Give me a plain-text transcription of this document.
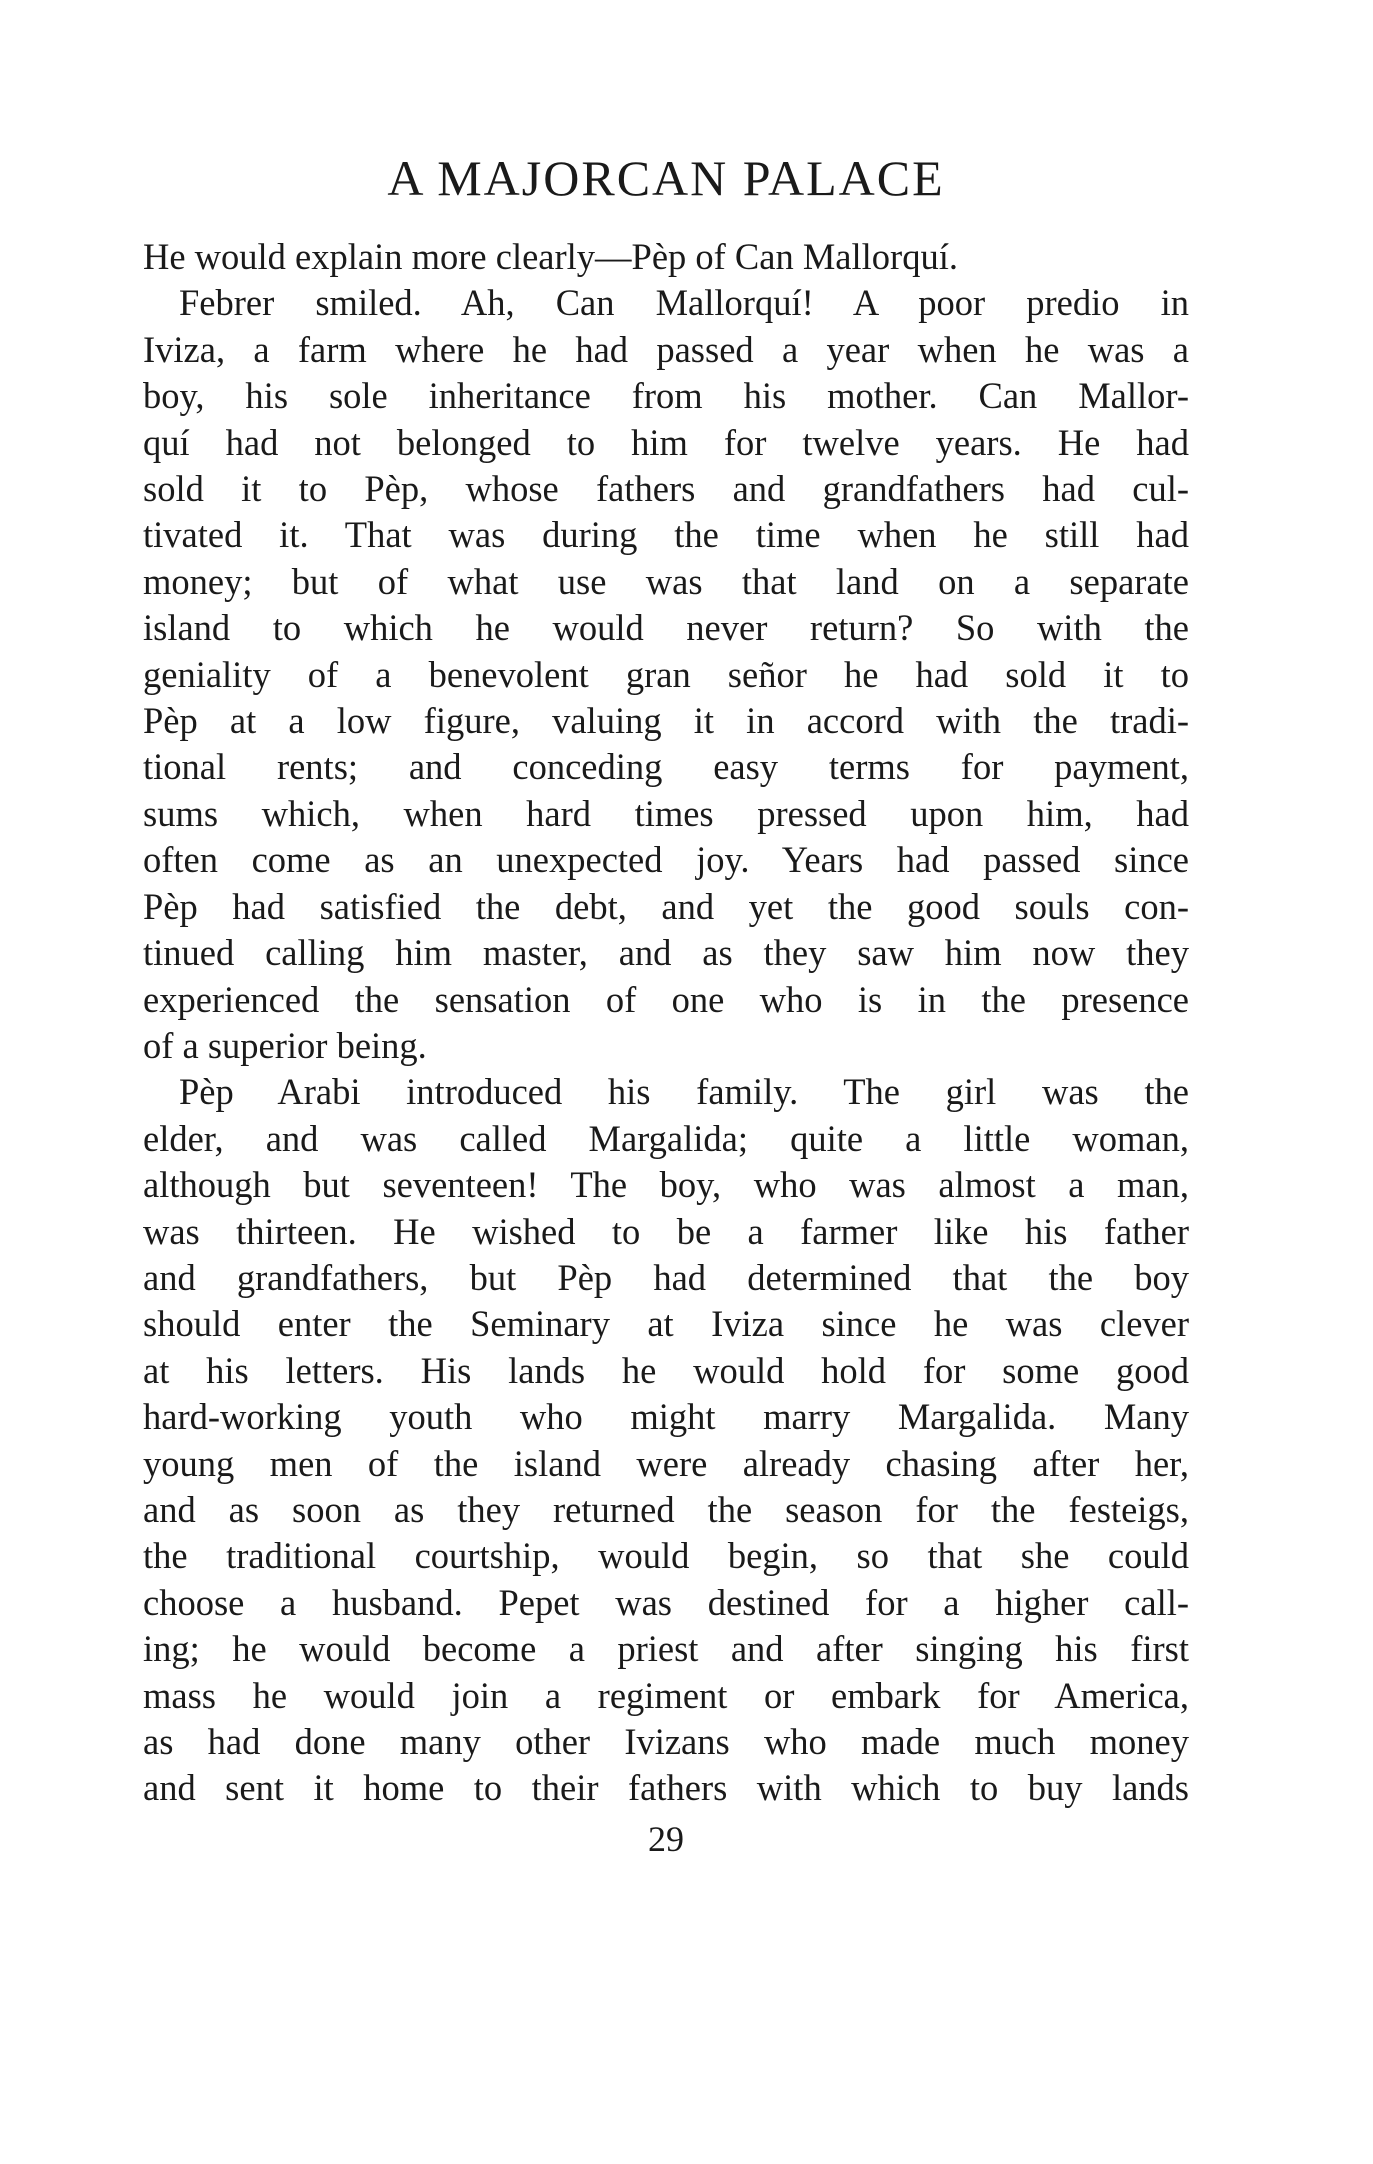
A MAJORCAN PALACE
He would explain more clearly—Pèp of Can Mallorquí.
Febrer smiled. Ah, Can Mallorquí! A poor predio in
Iviza, a farm where he had passed a year when he was a
boy, his sole inheritance from his mother. Can Mallor-
quí had not belonged to him for twelve years. He had
sold it to Pèp, whose fathers and grandfathers had cul-
tivated it. That was during the time when he still had
money; but of what use was that land on a separate
island to which he would never return? So with the
geniality of a benevolent gran señor he had sold it to
Pèp at a low figure, valuing it in accord with the tradi-
tional rents; and conceding easy terms for payment,
sums which, when hard times pressed upon him, had
often come as an unexpected joy. Years had passed since
Pèp had satisfied the debt, and yet the good souls con-
tinued calling him master, and as they saw him now they
experienced the sensation of one who is in the presence
of a superior being.
Pèp Arabi introduced his family. The girl was the
elder, and was called Margalida; quite a little woman,
although but seventeen! The boy, who was almost a man,
was thirteen. He wished to be a farmer like his father
and grandfathers, but Pèp had determined that the boy
should enter the Seminary at Iviza since he was clever
at his letters. His lands he would hold for some good
hard-working youth who might marry Margalida. Many
young men of the island were already chasing after her,
and as soon as they returned the season for the festeigs,
the traditional courtship, would begin, so that she could
choose a husband. Pepet was destined for a higher call-
ing; he would become a priest and after singing his first
mass he would join a regiment or embark for America,
as had done many other Ivizans who made much money
and sent it home to their fathers with which to buy lands
29
